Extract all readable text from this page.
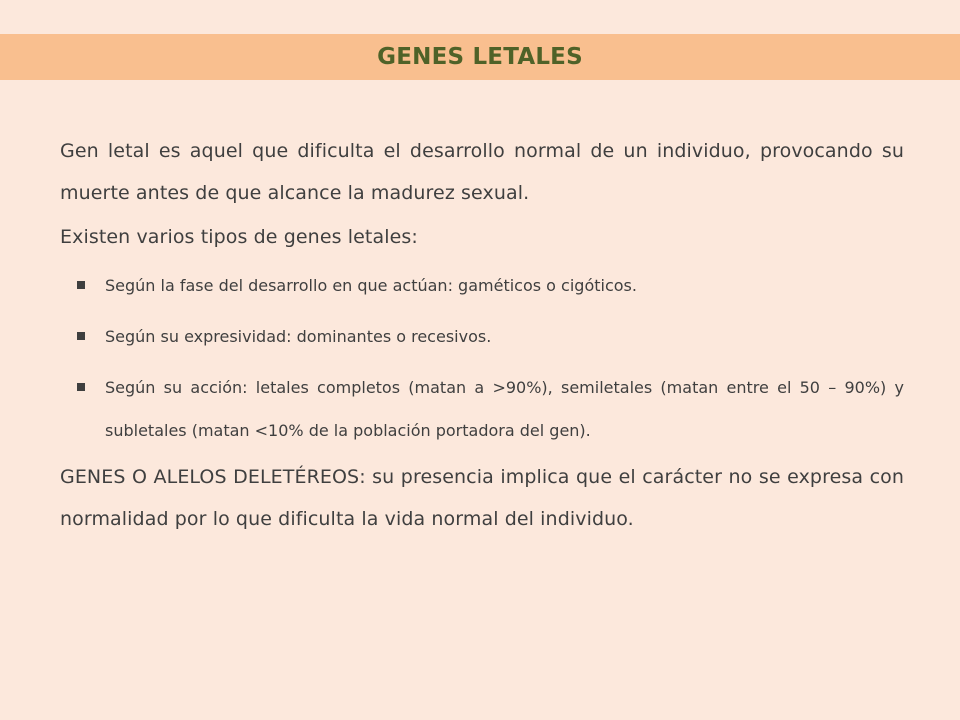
GENES LETALES

Gen letal es aquel que dificulta el desarrollo normal de un individuo, provocando su muerte antes de que alcance la madurez sexual.

Existen varios tipos de genes letales:

Según la fase del desarrollo en que actúan: gaméticos o cigóticos.
Según su expresividad: dominantes o recesivos.
Según su acción: letales completos (matan a >90%), semiletales (matan entre el 50 – 90%) y subletales (matan <10% de la población portadora del gen).

GENES O ALELOS DELETÉREOS: su presencia implica que el carácter no se expresa con normalidad por lo que dificulta la vida normal del individuo.
